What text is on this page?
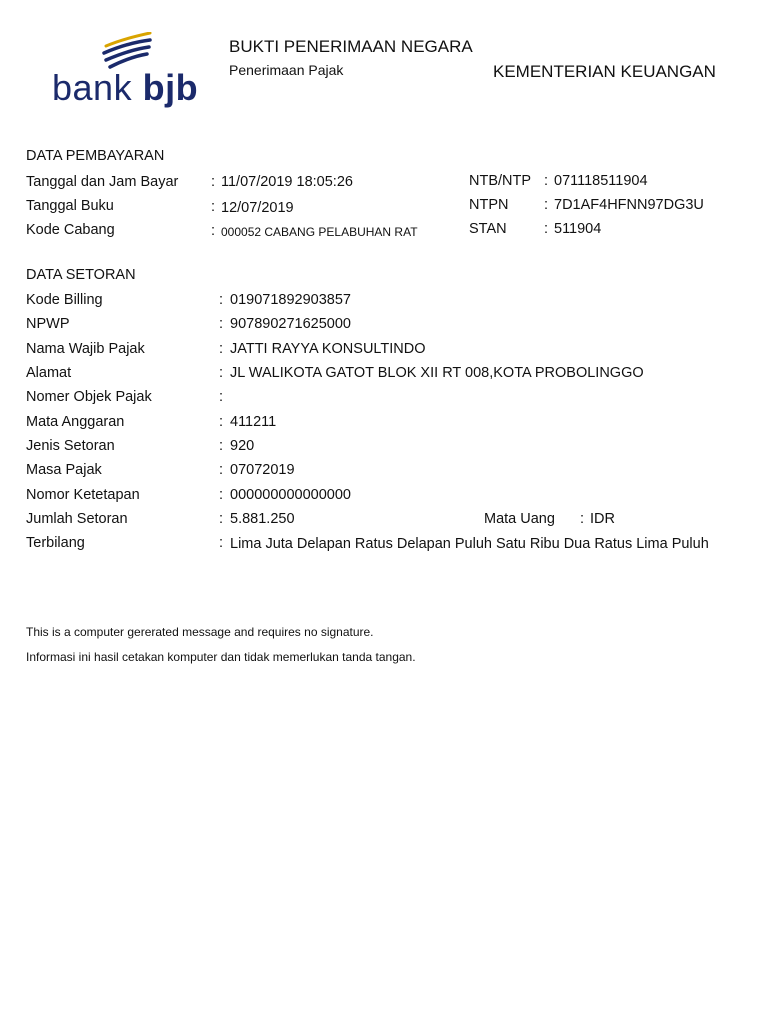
bank bjb
BUKTI PENERIMAAN NEGARA
Penerimaan Pajak	KEMENTERIAN KEUANGAN
DATA PEMBAYARAN
Tanggal dan Jam Bayar : 11/07/2019 18:05:26
Tanggal Buku	: 12/07/2019
Kode Cabang	: 000052 CABANG PELABUHAN RAT
NTB/NTP : 071118511904
NTPN : 7D1AF4HFNN97DG3U
STAN	: 511904
DATA SETORAN
Kode Billing	: 019071892903857
NPWP	: 907890271625000
Nama Wajib Pajak	: JATTI RAYYA KONSULTINDO
Alamat	: JL WALIKOTA GATOT BLOK XII RT 008,KOTA PROBOLINGGO
Nomer Objek Pajak	:
Mata Anggaran	: 411211
Jenis Setoran	: 920
Masa Pajak	: 07072019
Nomor Ketetapan	: 000000000000000
Jumlah Setoran	: 5.881.250	Mata Uang : IDR
Terbilang	: Lima Juta Delapan Ratus Delapan Puluh Satu Ribu Dua Ratus Lima Puluh
This is a computer gererated message and requires no signature.
Informasi ini hasil cetakan komputer dan tidak memerlukan tanda tangan.
